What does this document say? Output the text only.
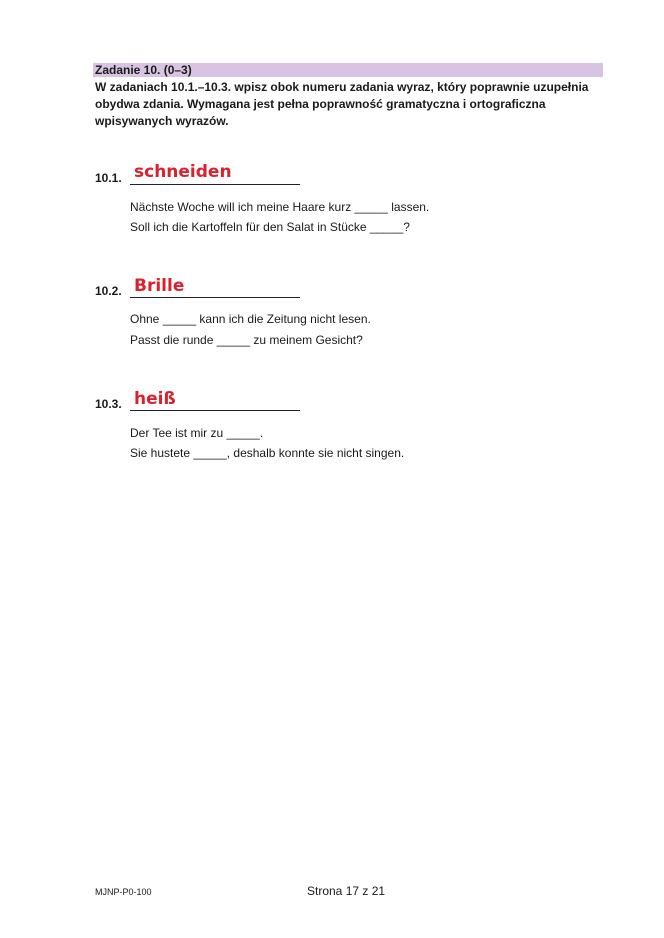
Zadanie 10. (0–3)
W zadaniach 10.1.–10.3. wpisz obok numeru zadania wyraz, który poprawnie uzupełnia obydwa zdania. Wymagana jest pełna poprawność gramatyczna i ortograficzna wpisywanych wyrazów.
10.1. schneiden
Nächste Woche will ich meine Haare kurz _____ lassen.
Soll ich die Kartoffeln für den Salat in Stücke _____?
10.2. Brille
Ohne _____ kann ich die Zeitung nicht lesen.
Passt die runde _____ zu meinem Gesicht?
10.3. heiß
Der Tee ist mir zu _____.
Sie hustete _____, deshalb konnte sie nicht singen.
MJNP-P0-100	Strona 17 z 21
